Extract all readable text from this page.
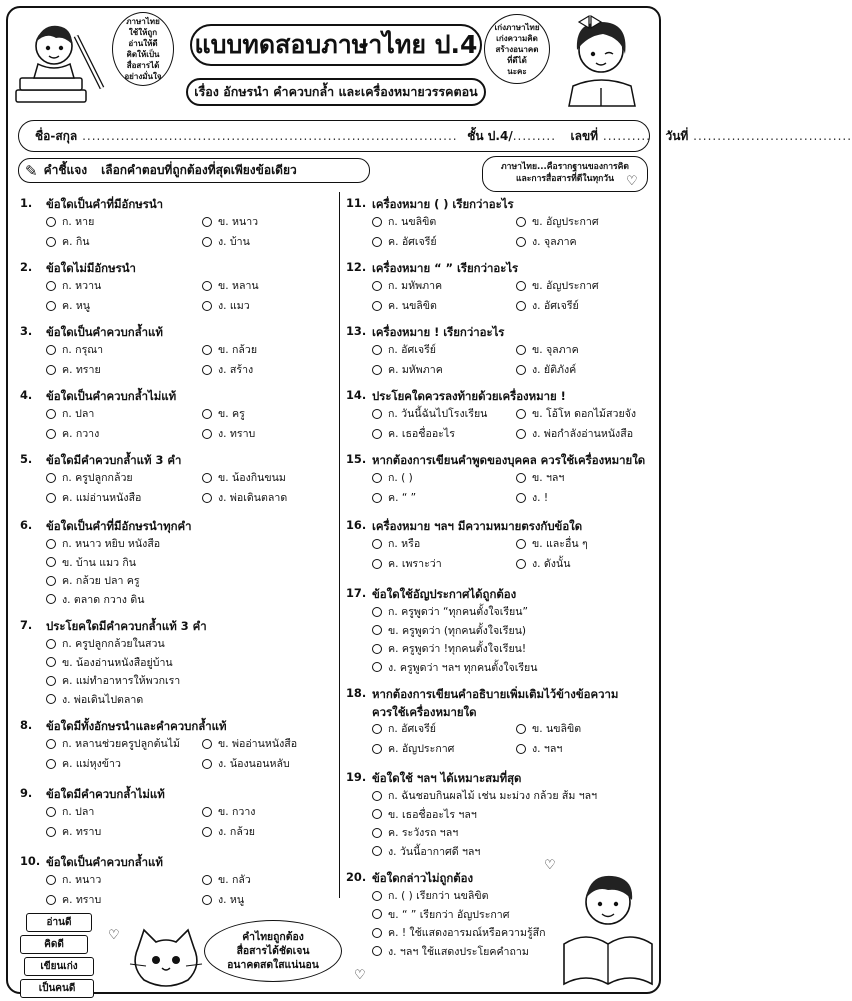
ภาษาไทย
ใช้ให้ถูก
อ่านให้ดี
คิดให้เป็น
สื่อสารได้
อย่างมั่นใจ
แบบทดสอบภาษาไทย ป.4
เรื่อง อักษรนำ คำควบกล้ำ และเครื่องหมายวรรคตอน
เก่งภาษาไทย
เก่งความคิด
สร้างอนาคต
ที่ดีได้
นะคะ
ชื่อ-สกุล .............................................................................. ชั้น ป.4/ ......... เลขที่ .......... วันที่ .................................
✎ คำชี้แจง เลือกคำตอบที่ถูกต้องที่สุดเพียงข้อเดียว	ภาษาไทย...คือรากฐานของการคิด
และการสื่อสารที่ดีในทุกวัน ♡
1.	ข้อใดเป็นคำที่มีอักษรนำ
ก. หาย	ข. หนาว
ค. กิน	ง. บ้าน
2.	ข้อใดไม่มีอักษรนำ
ก. หวาน	ข. หลาน
ค. หนู	ง. แมว
3.	ข้อใดเป็นคำควบกล้ำแท้
ก. กรุณา	ข. กล้วย
ค. ทราย	ง. สร้าง
4.	ข้อใดเป็นคำควบกล้ำไม่แท้
ก. ปลา	ข. ครู
ค. กวาง	ง. ทราบ
5.	ข้อใดมีคำควบกล้ำแท้ 3 คำ
ก. ครูปลูกกล้วย	ข. น้องกินขนม
ค. แม่อ่านหนังสือ	ง. พ่อเดินตลาด
6.	ข้อใดเป็นคำที่มีอักษรนำทุกคำ
ก. หนาว หยิบ หนังสือ
ข. บ้าน แมว กิน
ค. กล้วย ปลา ครู
ง. ตลาด กวาง ดิน
7.	ประโยคใดมีคำควบกล้ำแท้ 3 คำ
ก. ครูปลูกกล้วยในสวน
ข. น้องอ่านหนังสือยู่บ้าน
ค. แม่ทำอาหารให้พวกเรา
ง. พ่อเดินไปตลาด
8.	ข้อใดมีทั้งอักษรนำและคำควบกล้ำแท้
ก. หลานช่วยครูปลูกต้นไม้	ข. พ่ออ่านหนังสือ
ค. แม่หุงข้าว	ง. น้องนอนหลับ
9.	ข้อใดมีคำควบกล้ำไม่แท้
ก. ปลา	ข. กวาง
ค. ทราบ	ง. กล้วย
10. ข้อใดเป็นคำควบกล้ำแท้
ก. หนาว	ข. กลัว
ค. ทราบ	ง. หนู
11. เครื่องหมาย ( ) เรียกว่าอะไร
ก. นขลิขิต	ข. อัญประกาศ
ค. อัศเจรีย์	ง. จุลภาค
12. เครื่องหมาย “ ” เรียกว่าอะไร
ก. มหัพภาค	ข. อัญประกาศ
ค. นขลิขิต	ง. อัศเจรีย์
13. เครื่องหมาย ! เรียกว่าอะไร
ก. อัศเจรีย์	ข. จุลภาค
ค. มหัพภาค	ง. ยัติภังค์
14. ประโยคใดควรลงท้ายด้วยเครื่องหมาย !
ก. วันนี้ฉันไปโรงเรียน	ข. โอ้โห ดอกไม้สวยจัง
ค. เธอชื่ออะไร	ง. พ่อกำลังอ่านหนังสือ
15. หากต้องการเขียนคำพูดของบุคคล ควรใช้เครื่องหมายใด
ก. ( )	ข. ฯลฯ
ค. “ ”	ง. !
16. เครื่องหมาย ฯลฯ มีความหมายตรงกับข้อใด
ก. หรือ	ข. และอื่น ๆ
ค. เพราะว่า	ง. ดังนั้น
17. ข้อใดใช้อัญประกาศได้ถูกต้อง
ก. ครูพูดว่า “ทุกคนตั้งใจเรียน”
ข. ครูพูดว่า (ทุกคนตั้งใจเรียน)
ค. ครูพูดว่า !ทุกคนตั้งใจเรียน!
ง. ครูพูดว่า ฯลฯ ทุกคนตั้งใจเรียน
18. หากต้องการเขียนคำอธิบายเพิ่มเติมไว้ข้างข้อความ
ควรใช้เครื่องหมายใด
ก. อัศเจรีย์	ข. นขลิขิต
ค. อัญประกาศ	ง. ฯลฯ
19. ข้อใดใช้ ฯลฯ ได้เหมาะสมที่สุด
ก. ฉันชอบกินผลไม้ เช่น มะม่วง กล้วย ส้ม ฯลฯ
ข. เธอชื่ออะไร ฯลฯ
ค. ระวังรถ ฯลฯ
ง. วันนี้อากาศดี ฯลฯ
20. ข้อใดกล่าวไม่ถูกต้อง
ก. ( ) เรียกว่า นขลิขิต
ข. “ ” เรียกว่า อัญประกาศ
ค. ! ใช้แสดงอารมณ์หรือความรู้สึก
ง. ฯลฯ ใช้แสดงประโยคคำถาม
อ่านดี
คิดดี
เขียนเก่ง
เป็นคนดี
คำไทยถูกต้อง
สื่อสารได้ชัดเจน
อนาคตสดใสแน่นอน
♡
♡
♡
